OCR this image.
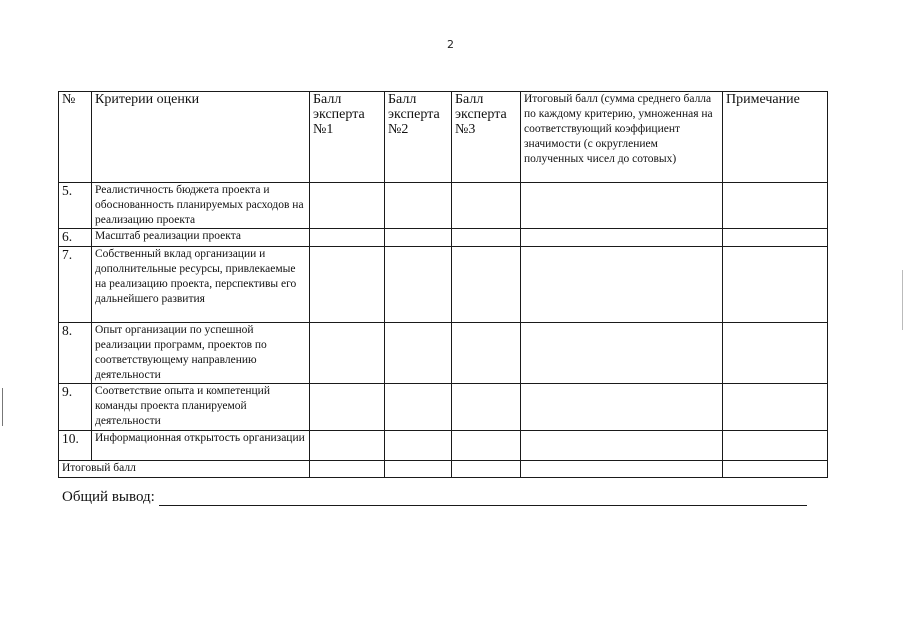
2
№	Критерии оценки	Балл эксперта №1	Балл эксперта №2	Балл эксперта №3	Итоговый балл (сумма среднего балла по каждому критерию, умноженная на соответствующий коэффициент значимости (с округлением полученных чисел до сотовых)	Примечание
5.	Реалистичность бюджета проекта и обоснованность планируемых расходов на реализацию проекта					
6.	Масштаб реализации проекта					
7.	Собственный вклад организации и дополнительные ресурсы, привлекаемые на реализацию проекта, перспективы его дальнейшего развития					
8.	Опыт организации по успешной реализации программ, проектов по соответствующему направлению деятельности					
9.	Соответствие опыта и компетенций команды проекта планируемой деятельности					
10.	Информационная открытость организации					
Итоговый балл						
Общий вывод:
